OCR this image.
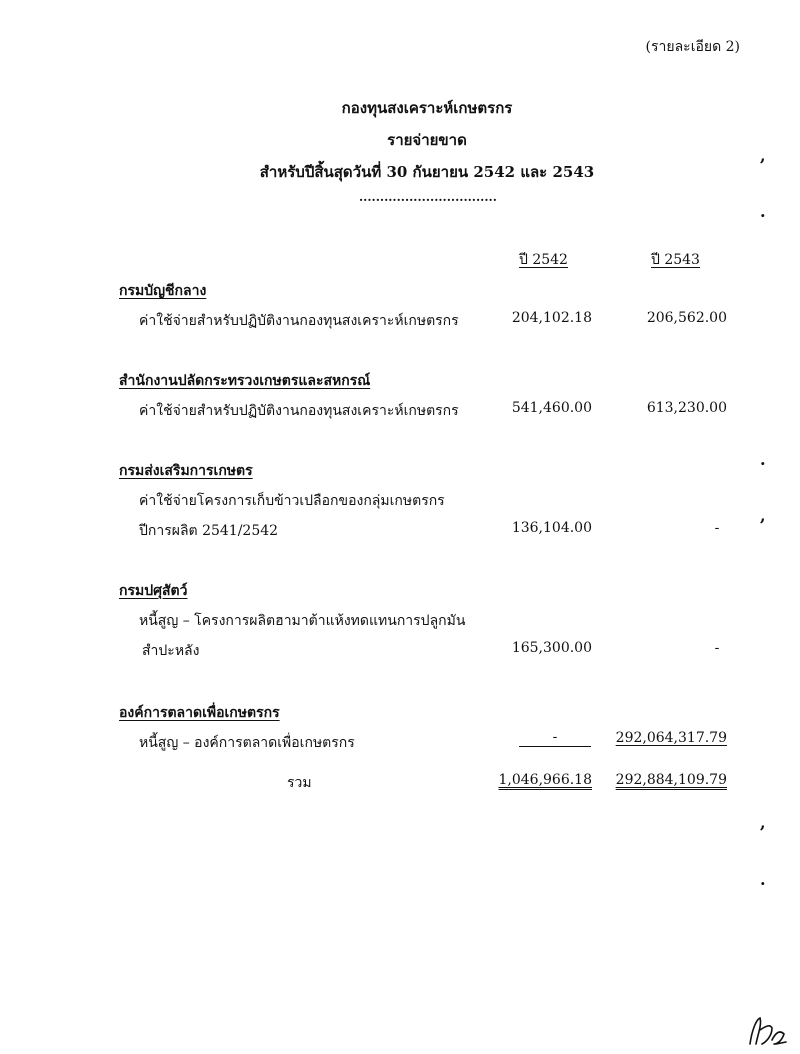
(รายละเอียด 2)
กองทุนสงเคราะห์เกษตรกร
รายจ่ายขาด
สำหรับปีสิ้นสุดวันที่ 30 กันยายน 2542 และ 2543
.................................
ปี 2542	ปี 2543
กรมบัญชีกลาง
ค่าใช้จ่ายสำหรับปฏิบัติงานกองทุนสงเคราะห์เกษตรกร	204,102.18	206,562.00
สำนักงานปลัดกระทรวงเกษตรและสหกรณ์
ค่าใช้จ่ายสำหรับปฏิบัติงานกองทุนสงเคราะห์เกษตรกร	541,460.00	613,230.00
กรมส่งเสริมการเกษตร
ค่าใช้จ่ายโครงการเก็บข้าวเปลือกของกลุ่มเกษตรกร
ปีการผลิต 2541/2542	136,104.00	-
กรมปศุสัตว์
หนี้สูญ – โครงการผลิตฮามาต้าแห้งทดแทนการปลูกมัน
สำปะหลัง	165,300.00	-
องค์การตลาดเพื่อเกษตรกร
หนี้สูญ – องค์การตลาดเพื่อเกษตรกร	-	292,064,317.79
รวม	1,046,966.18 292,884,109.79
,
.
.
,
,
.
